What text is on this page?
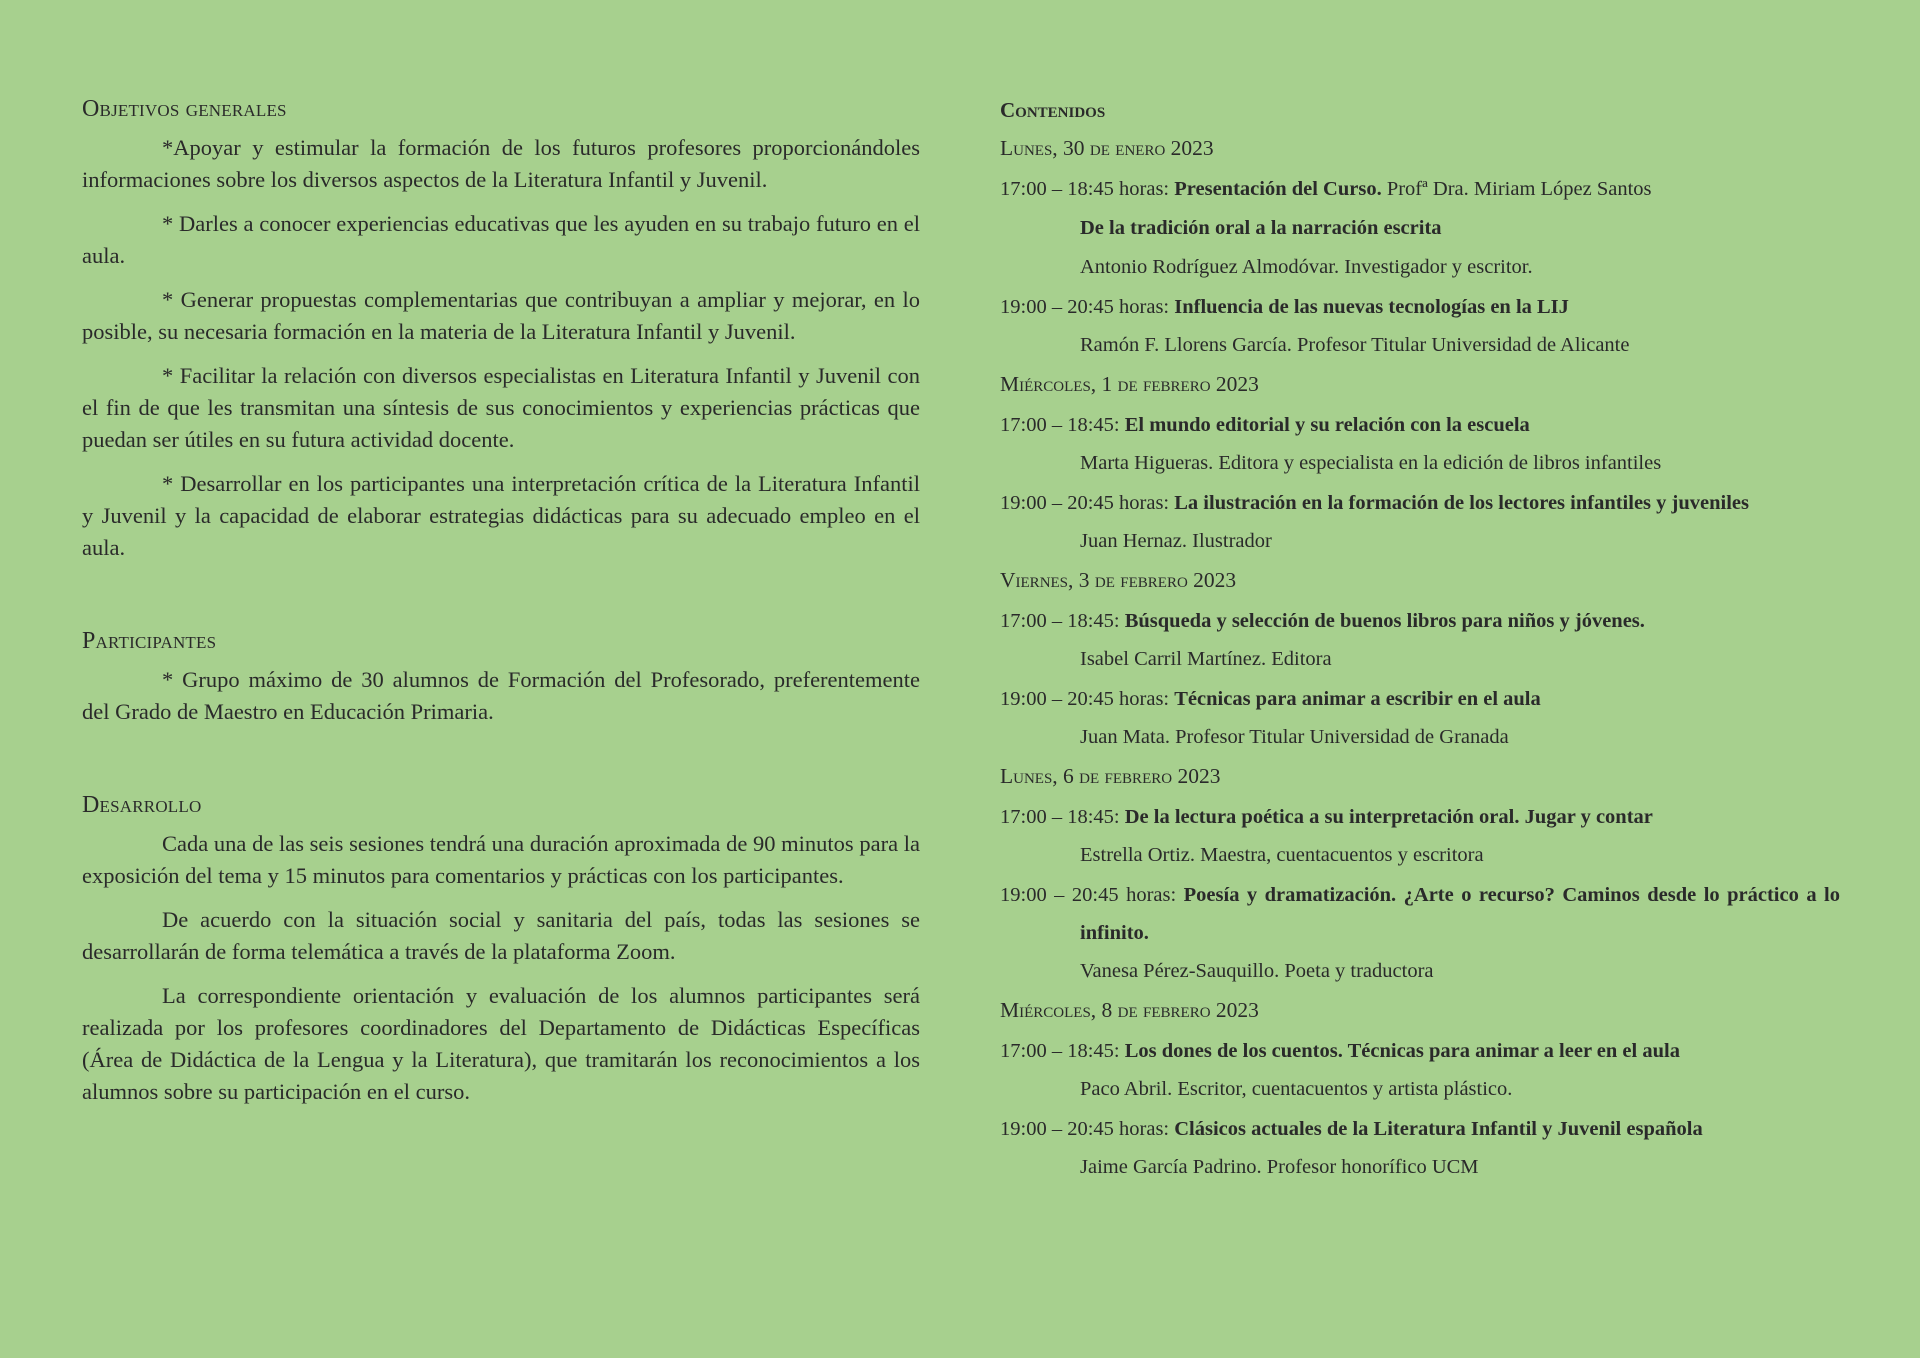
Objetivos generales

*Apoyar y estimular la formación de los futuros profesores proporcionándoles informaciones sobre los diversos aspectos de la Literatura Infantil y Juvenil.

* Darles a conocer experiencias educativas que les ayuden en su trabajo futuro en el aula.

* Generar propuestas complementarias que contribuyan a ampliar y mejorar, en lo posible, su necesaria formación en la materia de la Literatura Infantil y Juvenil.

* Facilitar la relación con diversos especialistas en Literatura Infantil y Juvenil con el fin de que les transmitan una síntesis de sus conocimientos y experiencias prácticas que puedan ser útiles en su futura actividad docente.

* Desarrollar en los participantes una interpretación crítica de la Literatura Infantil y Juvenil y la capacidad de elaborar estrategias didácticas para su adecuado empleo en el aula.

Participantes

* Grupo máximo de 30 alumnos de Formación del Profesorado, preferentemente del Grado de Maestro en Educación Primaria.

Desarrollo

Cada una de las seis sesiones tendrá una duración aproximada de 90 minutos para la exposición del tema y 15 minutos para comentarios y prácticas con los participantes.

De acuerdo con la situación social y sanitaria del país, todas las sesiones se desarrollarán de forma telemática a través de la plataforma Zoom.

La correspondiente orientación y evaluación de los alumnos participantes será realizada por los profesores coordinadores del Departamento de Didácticas Específicas (Área de Didáctica de la Lengua y la Literatura), que tramitarán los reconocimientos a los alumnos sobre su participación en el curso.

Contenidos
Lunes, 30 de enero 2023

17:00 – 18:45 horas: Presentación del Curso. Profª Dra. Miriam López Santos

De la tradición oral a la narración escrita
Antonio Rodríguez Almodóvar. Investigador y escritor.

19:00 – 20:45 horas: Influencia de las nuevas tecnologías en la LIJ

Ramón F. Llorens García. Profesor Titular Universidad de Alicante
Miércoles, 1 de febrero 2023

17:00 – 18:45: El mundo editorial y su relación con la escuela

Marta Higueras. Editora y especialista en la edición de libros infantiles

19:00 – 20:45 horas: La ilustración en la formación de los lectores infantiles y juveniles

Juan Hernaz. Ilustrador
Viernes, 3 de febrero 2023

17:00 – 18:45: Búsqueda y selección de buenos libros para niños y jóvenes.

Isabel Carril Martínez. Editora

19:00 – 20:45 horas: Técnicas para animar a escribir en el aula

Juan Mata. Profesor Titular Universidad de Granada
Lunes, 6 de febrero 2023

17:00 – 18:45: De la lectura poética a su interpretación oral. Jugar y contar

Estrella Ortiz. Maestra, cuentacuentos y escritora

19:00 – 20:45 horas: Poesía y dramatización. ¿Arte o recurso? Caminos desde lo práctico a lo infinito.

Vanesa Pérez-Sauquillo. Poeta y traductora
Miércoles, 8 de febrero 2023

17:00 – 18:45: Los dones de los cuentos. Técnicas para animar a leer en el aula

Paco Abril. Escritor, cuentacuentos y artista plástico.

19:00 – 20:45 horas: Clásicos actuales de la Literatura Infantil y Juvenil española

Jaime García Padrino. Profesor honorífico UCM
